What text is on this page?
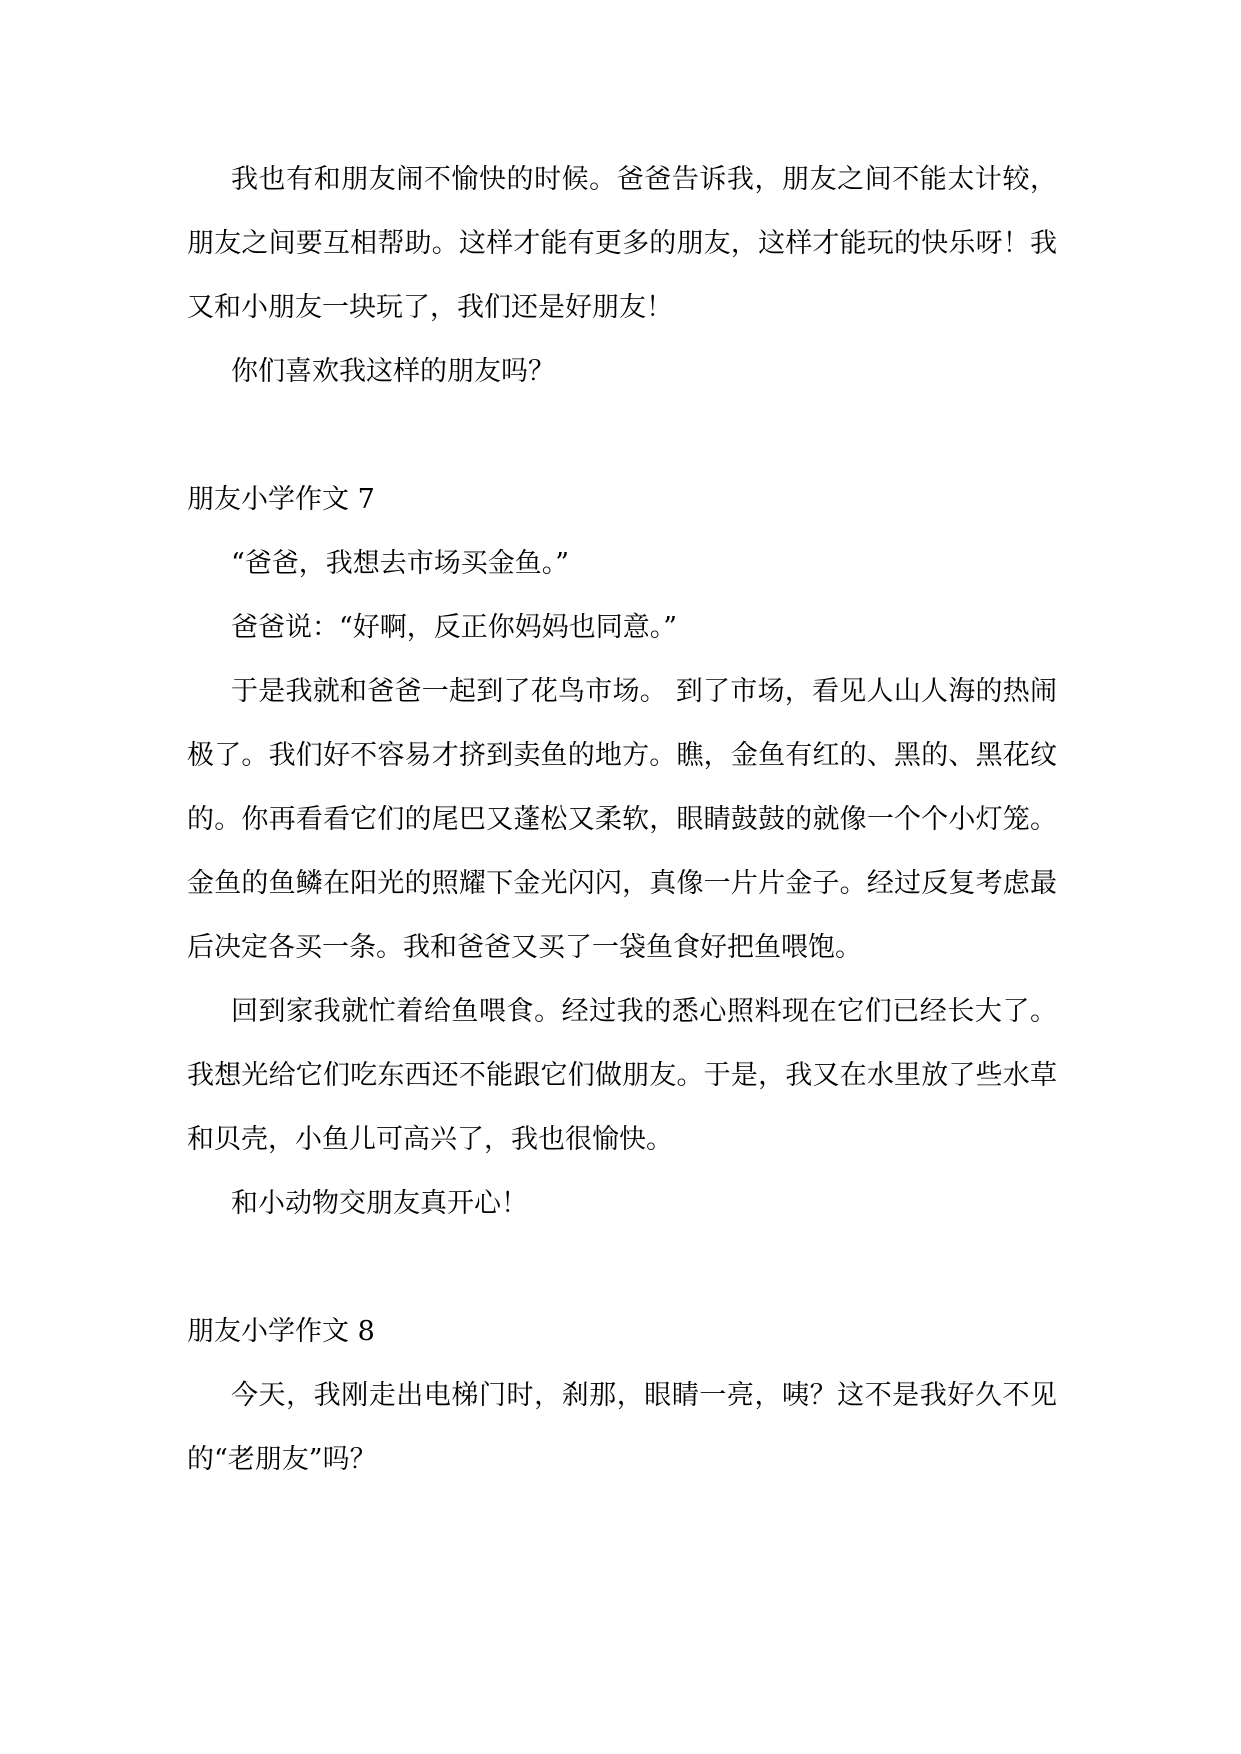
我也有和朋友闹不愉快的时候。爸爸告诉我，朋友之间不能太计较，朋友之间要互相帮助。这样才能有更多的朋友，这样才能玩的快乐呀！我又和小朋友一块玩了，我们还是好朋友！

你们喜欢我这样的朋友吗？

朋友小学作文 7

“爸爸，我想去市场买金鱼。”

爸爸说：“好啊，反正你妈妈也同意。”

于是我就和爸爸一起到了花鸟市场。 到了市场，看见人山人海的热闹极了。我们好不容易才挤到卖鱼的地方。瞧，金鱼有红的、黑的、黑花纹的。你再看看它们的尾巴又蓬松又柔软，眼睛鼓鼓的就像一个个小灯笼。金鱼的鱼鳞在阳光的照耀下金光闪闪，真像一片片金子。经过反复考虑最后决定各买一条。我和爸爸又买了一袋鱼食好把鱼喂饱。

回到家我就忙着给鱼喂食。经过我的悉心照料现在它们已经长大了。我想光给它们吃东西还不能跟它们做朋友。于是，我又在水里放了些水草和贝壳，小鱼儿可高兴了，我也很愉快。

和小动物交朋友真开心！

朋友小学作文 8

今天，我刚走出电梯门时，刹那，眼睛一亮，咦？这不是我好久不见的“老朋友”吗？
